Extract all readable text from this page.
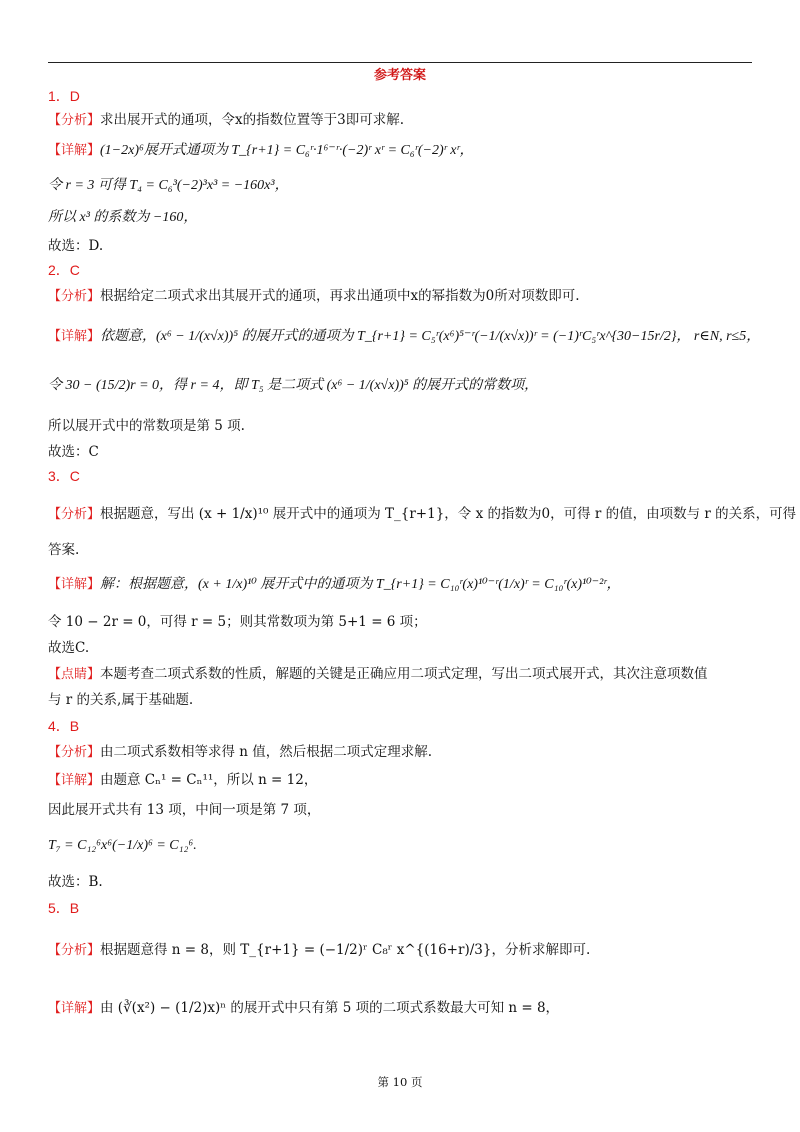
参考答案
1．D
【分析】求出展开式的通项，令x的指数位置等于3即可求解.
【详解】(1−2x)⁶展开式通项为 T_{r+1} = C₆ʳ·1⁶⁻ʳ·(−2)ʳ xʳ = C₆ʳ(−2)ʳ xʳ，
令 r = 3 可得 T₄ = C₆³(−2)³x³ = −160x³，
所以 x³ 的系数为 −160，
故选：D.
2．C
【分析】根据给定二项式求出其展开式的通项，再求出通项中x的幂指数为0所对项数即可.
【详解】依题意，(x⁶ − 1/(x√x))⁵ 的展开式的通项为 T_{r+1} = C₅ʳ(x⁶)⁵⁻ʳ(−1/(x√x))ʳ = (−1)ʳC₅ʳx^{30−15r/2}， r∈N, r≤5，
令 30 − (15/2)r = 0，得 r = 4，即 T₅ 是二项式 (x⁶ − 1/(x√x))⁵ 的展开式的常数项，
所以展开式中的常数项是第 5 项.
故选：C
3．C
【分析】根据题意，写出 (x + 1/x)¹⁰ 展开式中的通项为 T_{r+1}，令 x 的指数为0，可得 r 的值，由项数与 r 的关系，可得
答案.
【详解】解：根据题意，(x + 1/x)¹⁰ 展开式中的通项为 T_{r+1} = C₁₀ʳ(x)¹⁰⁻ʳ(1/x)ʳ = C₁₀ʳ(x)¹⁰⁻²ʳ，
令 10 − 2r = 0，可得 r = 5；则其常数项为第 5+1 = 6 项；
故选C.
【点睛】本题考查二项式系数的性质，解题的关键是正确应用二项式定理，写出二项式展开式，其次注意项数值
与 r 的关系,属于基础题.
4．B
【分析】由二项式系数相等求得 n 值，然后根据二项式定理求解.
【详解】由题意 Cₙ¹ = Cₙ¹¹，所以 n = 12，
因此展开式共有 13 项，中间一项是第 7 项，
T₇ = C₁₂⁶x⁶(−1/x)⁶ = C₁₂⁶.
故选：B.
5．B
【分析】根据题意得 n = 8，则 T_{r+1} = (−1/2)ʳ C₈ʳ x^{(16+r)/3}，分析求解即可.
【详解】由 (∛(x²) − (1/2)x)ⁿ 的展开式中只有第 5 项的二项式系数最大可知 n = 8，
第 10 页
